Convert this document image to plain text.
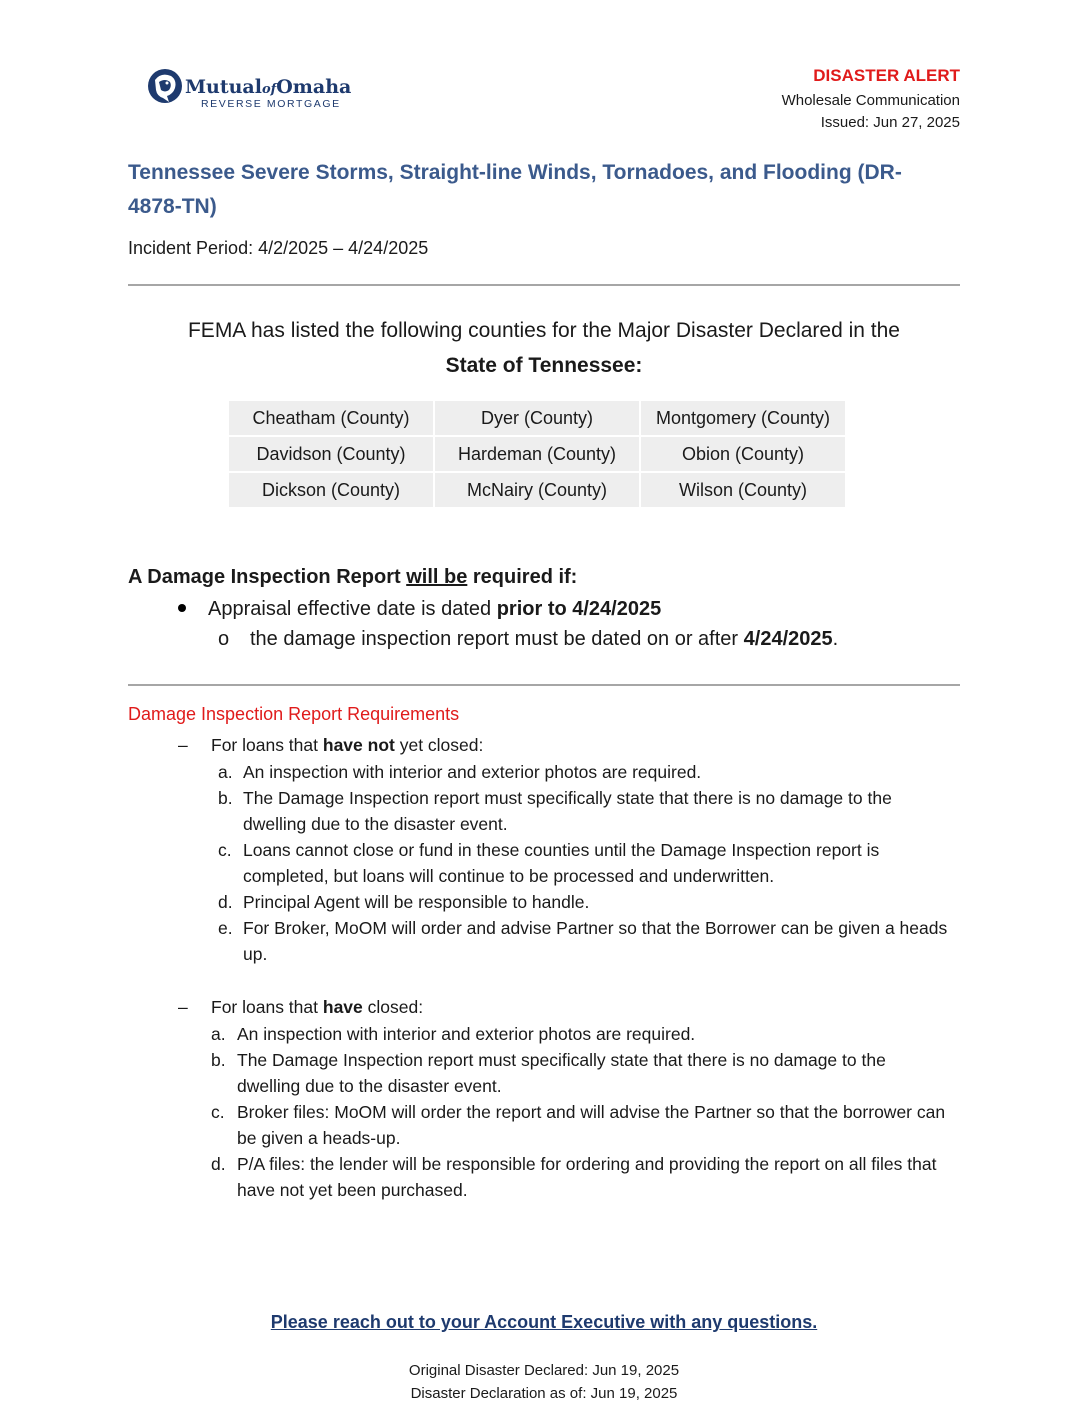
MutualofOmaha
REVERSE MORTGAGE
DISASTER ALERT
Wholesale Communication
Issued: Jun 27, 2025
Tennessee Severe Storms, Straight-line Winds, Tornadoes, and Flooding (DR-4878-TN)
Incident Period: 4/2/2025 – 4/24/2025
FEMA has listed the following counties for the Major Disaster Declared in the
State of Tennessee:
Cheatham (County)	Dyer (County)	Montgomery (County)
Davidson (County)	Hardeman (County)	Obion (County)
Dickson (County)	McNairy (County)	Wilson (County)
A Damage Inspection Report will be required if:
Appraisal effective date is dated prior to 4/24/2025
o the damage inspection report must be dated on or after 4/24/2025.
Damage Inspection Report Requirements
– For loans that have not yet closed:
a. An inspection with interior and exterior photos are required.
b. The Damage Inspection report must specifically state that there is no damage to the dwelling due to the disaster event.
c. Loans cannot close or fund in these counties until the Damage Inspection report is completed, but loans will continue to be processed and underwritten.
d. Principal Agent will be responsible to handle.
e. For Broker, MoOM will order and advise Partner so that the Borrower can be given a heads up.
– For loans that have closed:
a. An inspection with interior and exterior photos are required.
b. The Damage Inspection report must specifically state that there is no damage to the dwelling due to the disaster event.
c. Broker files: MoOM will order the report and will advise the Partner so that the borrower can be given a heads-up.
d. P/A files: the lender will be responsible for ordering and providing the report on all files that have not yet been purchased.
Please reach out to your Account Executive with any questions.
Original Disaster Declared: Jun 19, 2025
Disaster Declaration as of: Jun 19, 2025
